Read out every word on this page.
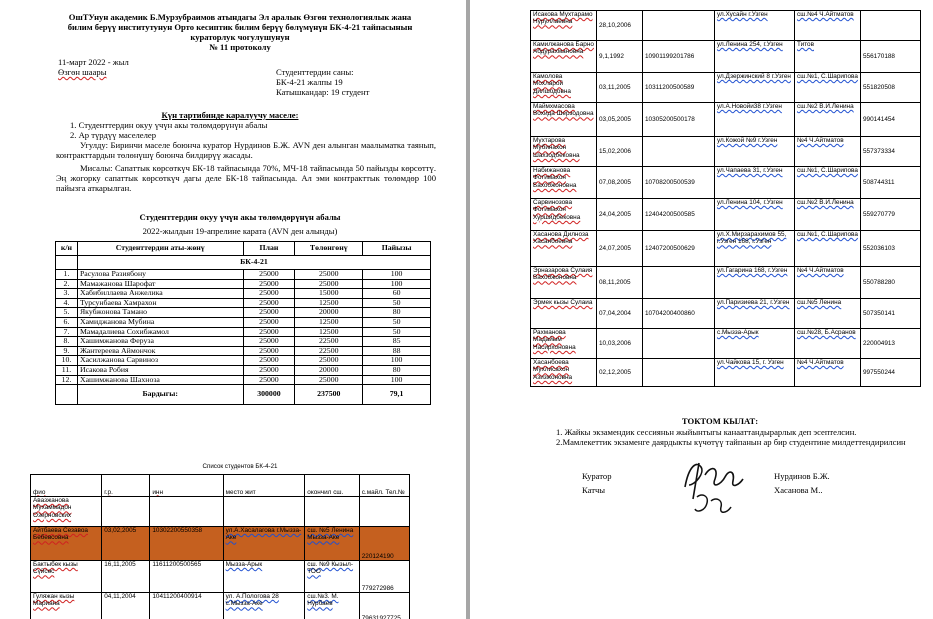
ОшТУнун академик Б.Мурзубраимов атындагы Эл аралык Өзгөн технологиялык жана
билим берүү институтунун Орто кесиптик билим берүү бөлүмүнүн БК-4-21 тайпасынын
кураторлук чогулушунун
№ 11 протоколу
11-март 2022 - жыл
Өзгөн шаары	Студенттердин саны:
БК-4-21 жалпы 19
Катышкандар: 19 студент
Күн тартибинде каралуучу маселе:
1. Студенттердин окуу үчүн акы төлөмдөрүнүн абалы
2. Ар түрдүү маселелер
Угулду: Биринчи маселе боюнча куратор Нурдинов Б.Ж. AVN ден алынган маалыматка таянып, контракттардын төлөнүшү боюнча билдирүү жасады.
Мисалы: Сапаттык көрсөткүч БК-18 тайпасында 70%, МЧ-18 тайпасында 50 пайызды көрсөттү. Эң жогорку сапаттык көрсөткүч дагы деле БК-18 тайпасында. Ал эми контракттык төлөмдөр 100 пайызга аткарылган.
Студенттердин окуу үчүн акы төлөмдөрүнүн абалы
2022-жылдын 19-апрелине карата (AVN ден алынды)
к/н	Студенттердин аты-жөнү	План	Төлөнгөнү	Пайызы
	БК-4-21			
1.	Расулова Разиябону	25000	25000	100
2.	Мамажанова Шарофат	25000	25000	100
3.	Хабибиллаева Анжелика	25000	15000	60
4.	Турсунбаева Хамрахон	25000	12500	50
5.	Якубжонова Тамано	25000	20000	80
6.	Хамиджанова Мубина	25000	12500	50
7.	Мамадалиева Сохибжамол	25000	12500	50
8.	Хашимжанова Феруза	25000	22500	85
9.	Жантереева Аймончок	25000	22500	88
10.	Хасилжанова Сарвиноз	25000	25000	100
11.	Исакова Робия	25000	20000	80
12.	Хашимжанова Шахноза	25000	25000	100
	Бардыгы:	300000	237500	79,1
Список студентов БК-4-21
фио	г.р.	инн	место жит	окончил сш.	с.майл. Тел.№
Авазжанова Мухаммадон Озерновских					
Айтбаева Сезавоа Бебевсовна	03,02,2005	10302200550358	ул.А.Хасалагова г.Мызза-Аке	сш. №5 Ленина Мызза-Аке	220124190
Бактыбек кызы Сүйсөс	16,11,2005	11611200500565	Мызза-Арык	сш. №9 Кызыл-ТОО	779272986
Гуляжан кызы Мариана	04,11,2004	10411200400914	ул. А.Пологова 28 с.Мызза-Аке	сш.№3. М. Нурбаев	79631927725
Исакова Мухтарамо Нуруллаевна	28,10,2006		ул.Хусайн г.Узген	сш.№4 Ч.Айтматов	
Камилжанова Барно Абдурахмановна	9,1,1992	10901199201786	ул.Ленина 254, г.Узген	Титов	556170188
Камолова Мохларой Дилшодовна	03,11,2005	10311200500589	ул.Дзержинский 8 г.Узген	сш.№1, С.Шарипова	551820508
Маймхмасова Вохида Шерзодовна	03,05,2005	10305200500178	ул.А.Новойи38 г.Узген	сш.№2 В.И.Ленина	990141454
Мухтарова Мубинахон Шахзодбековна	15,02,2006		ул.Кожой №9 г.Узген	№4 Ч.Айтматов	557373334
Набижанова Фотимахон Бахобжоновна	07,08,2005	10708200500539	ул.Чапаева 31, г.Узген	сш.№1, С.Шарипова	508744311
Сарвинозова Фотимахон Хуршидбековна	24,04,2005	12404200500585	ул.Ленина 104, г.Узген	сш.№2 В.И.Ленина	559270779
Хасанова Дилноза Хасанбоевна	24,07,2005	12407200500629	ул.Х.Мирзарахимов 55, г.Узген 168, г.Узген	сш.№1, С.Шарипова	552036103
Эрназарова Сулаия Вахобжоновна	08,11,2005		ул.Гагарина 168, г.Узген	№4 Ч.Айтматов	550788280
Эрмек кызы Сулаиа	07,04,2004	10704200400860	ул.Паризиева 21, г.Узген	сш.№5 Ленина	507350141
Рахманова Мадайым Насирхоновна	10,03,2006		с.Мызза-Арык	сш.№28, Б.Асранов	220004913
Хасанбоева Мухлисахон Азизжоновна	02,12,2005		ул.Чайкова 15, г. Узген	№4 Ч.Айтматов	997550244
ТОКТОМ КЫЛАТ:
1. Жайкы экзамендик сессияньн жыйынтыгы канааттандырарлык деп эсептелсин.
2.Мамлекеттик экзаменге даярдыкты күчөтүү тайпанын ар бир студентине милдеттендирилсин
Куратор
Катчы
Нурдинов Б.Ж.
Хасанова М..
